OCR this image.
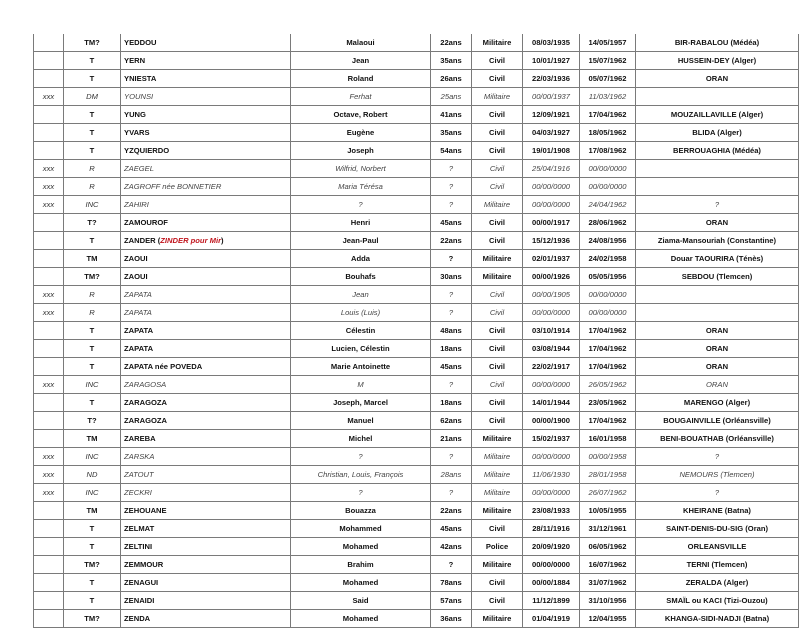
	TM?	YEDDOU	Malaoui	22ans	Militaire	08/03/1935	14/05/1957	BIR-RABALOU (Médéa)
	T	YERN	Jean	35ans	Civil	10/01/1927	15/07/1962	HUSSEIN-DEY (Alger)
	T	YNIESTA	Roland	26ans	Civil	22/03/1936	05/07/1962	ORAN
xxx	DM	YOUNSI	Ferhat	25ans	Militaire	00/00/1937	11/03/1962	
	T	YUNG	Octave, Robert	41ans	Civil	12/09/1921	17/04/1962	MOUZAILLAVILLE (Alger)
	T	YVARS	Eugène	35ans	Civil	04/03/1927	18/05/1962	BLIDA (Alger)
	T	YZQUIERDO	Joseph	54ans	Civil	19/01/1908	17/08/1962	BERROUAGHIA (Médéa)
xxx	R	ZAEGEL	Wilfrid, Norbert	?	Civil	25/04/1916	00/00/0000	
xxx	R	ZAGROFF née BONNETIER	Maria Térésa	?	Civil	00/00/0000	00/00/0000	
xxx	INC	ZAHIRI	?	?	Militaire	00/00/0000	24/04/1962	?
	T?	ZAMOUROF	Henri	45ans	Civil	00/00/1917	28/06/1962	ORAN
	T	ZANDER (ZINDER pour Mir)	Jean-Paul	22ans	Civil	15/12/1936	24/08/1956	Ziama-Mansouriah (Constantine)
	TM	ZAOUI	Adda	?	Militaire	02/01/1937	24/02/1958	Douar TAOURIRA (Ténès)
	TM?	ZAOUI	Bouhafs	30ans	Militaire	00/00/1926	05/05/1956	SEBDOU (Tlemcen)
xxx	R	ZAPATA	Jean	?	Civil	00/00/1905	00/00/0000	
xxx	R	ZAPATA	Louis (Luis)	?	Civil	00/00/0000	00/00/0000	
	T	ZAPATA	Célestin	48ans	Civil	03/10/1914	17/04/1962	ORAN
	T	ZAPATA	Lucien, Célestin	18ans	Civil	03/08/1944	17/04/1962	ORAN
	T	ZAPATA née POVEDA	Marie Antoinette	45ans	Civil	22/02/1917	17/04/1962	ORAN
xxx	INC	ZARAGOSA	M	?	Civil	00/00/0000	26/05/1962	ORAN
	T	ZARAGOZA	Joseph, Marcel	18ans	Civil	14/01/1944	23/05/1962	MARENGO (Alger)
	T?	ZARAGOZA	Manuel	62ans	Civil	00/00/1900	17/04/1962	BOUGAINVILLE (Orléansville)
	TM	ZAREBA	Michel	21ans	Militaire	15/02/1937	16/01/1958	BENI-BOUATHAB (Orléansville)
xxx	INC	ZARSKA	?	?	Militaire	00/00/0000	00/00/1958	?
xxx	ND	ZATOUT	Christian, Louis, François	28ans	Militaire	11/06/1930	28/01/1958	NEMOURS (Tlemcen)
xxx	INC	ZECKRI	?	?	Militaire	00/00/0000	26/07/1962	?
	TM	ZEHOUANE	Bouazza	22ans	Militaire	23/08/1933	10/05/1955	KHEIRANE (Batna)
	T	ZELMAT	Mohammed	45ans	Civil	28/11/1916	31/12/1961	SAINT-DENIS-DU-SIG (Oran)
	T	ZELTINI	Mohamed	42ans	Police	20/09/1920	06/05/1962	ORLEANSVILLE
	TM?	ZEMMOUR	Brahim	?	Militaire	00/00/0000	16/07/1962	TERNI (Tlemcen)
	T	ZENAGUI	Mohamed	78ans	Civil	00/00/1884	31/07/1962	ZERALDA (Alger)
	T	ZENAIDI	Said	57ans	Civil	11/12/1899	31/10/1956	SMAÏL ou KACI (Tizi-Ouzou)
	TM?	ZENDA	Mohamed	36ans	Militaire	01/04/1919	12/04/1955	KHANGA-SIDI-NADJI (Batna)
